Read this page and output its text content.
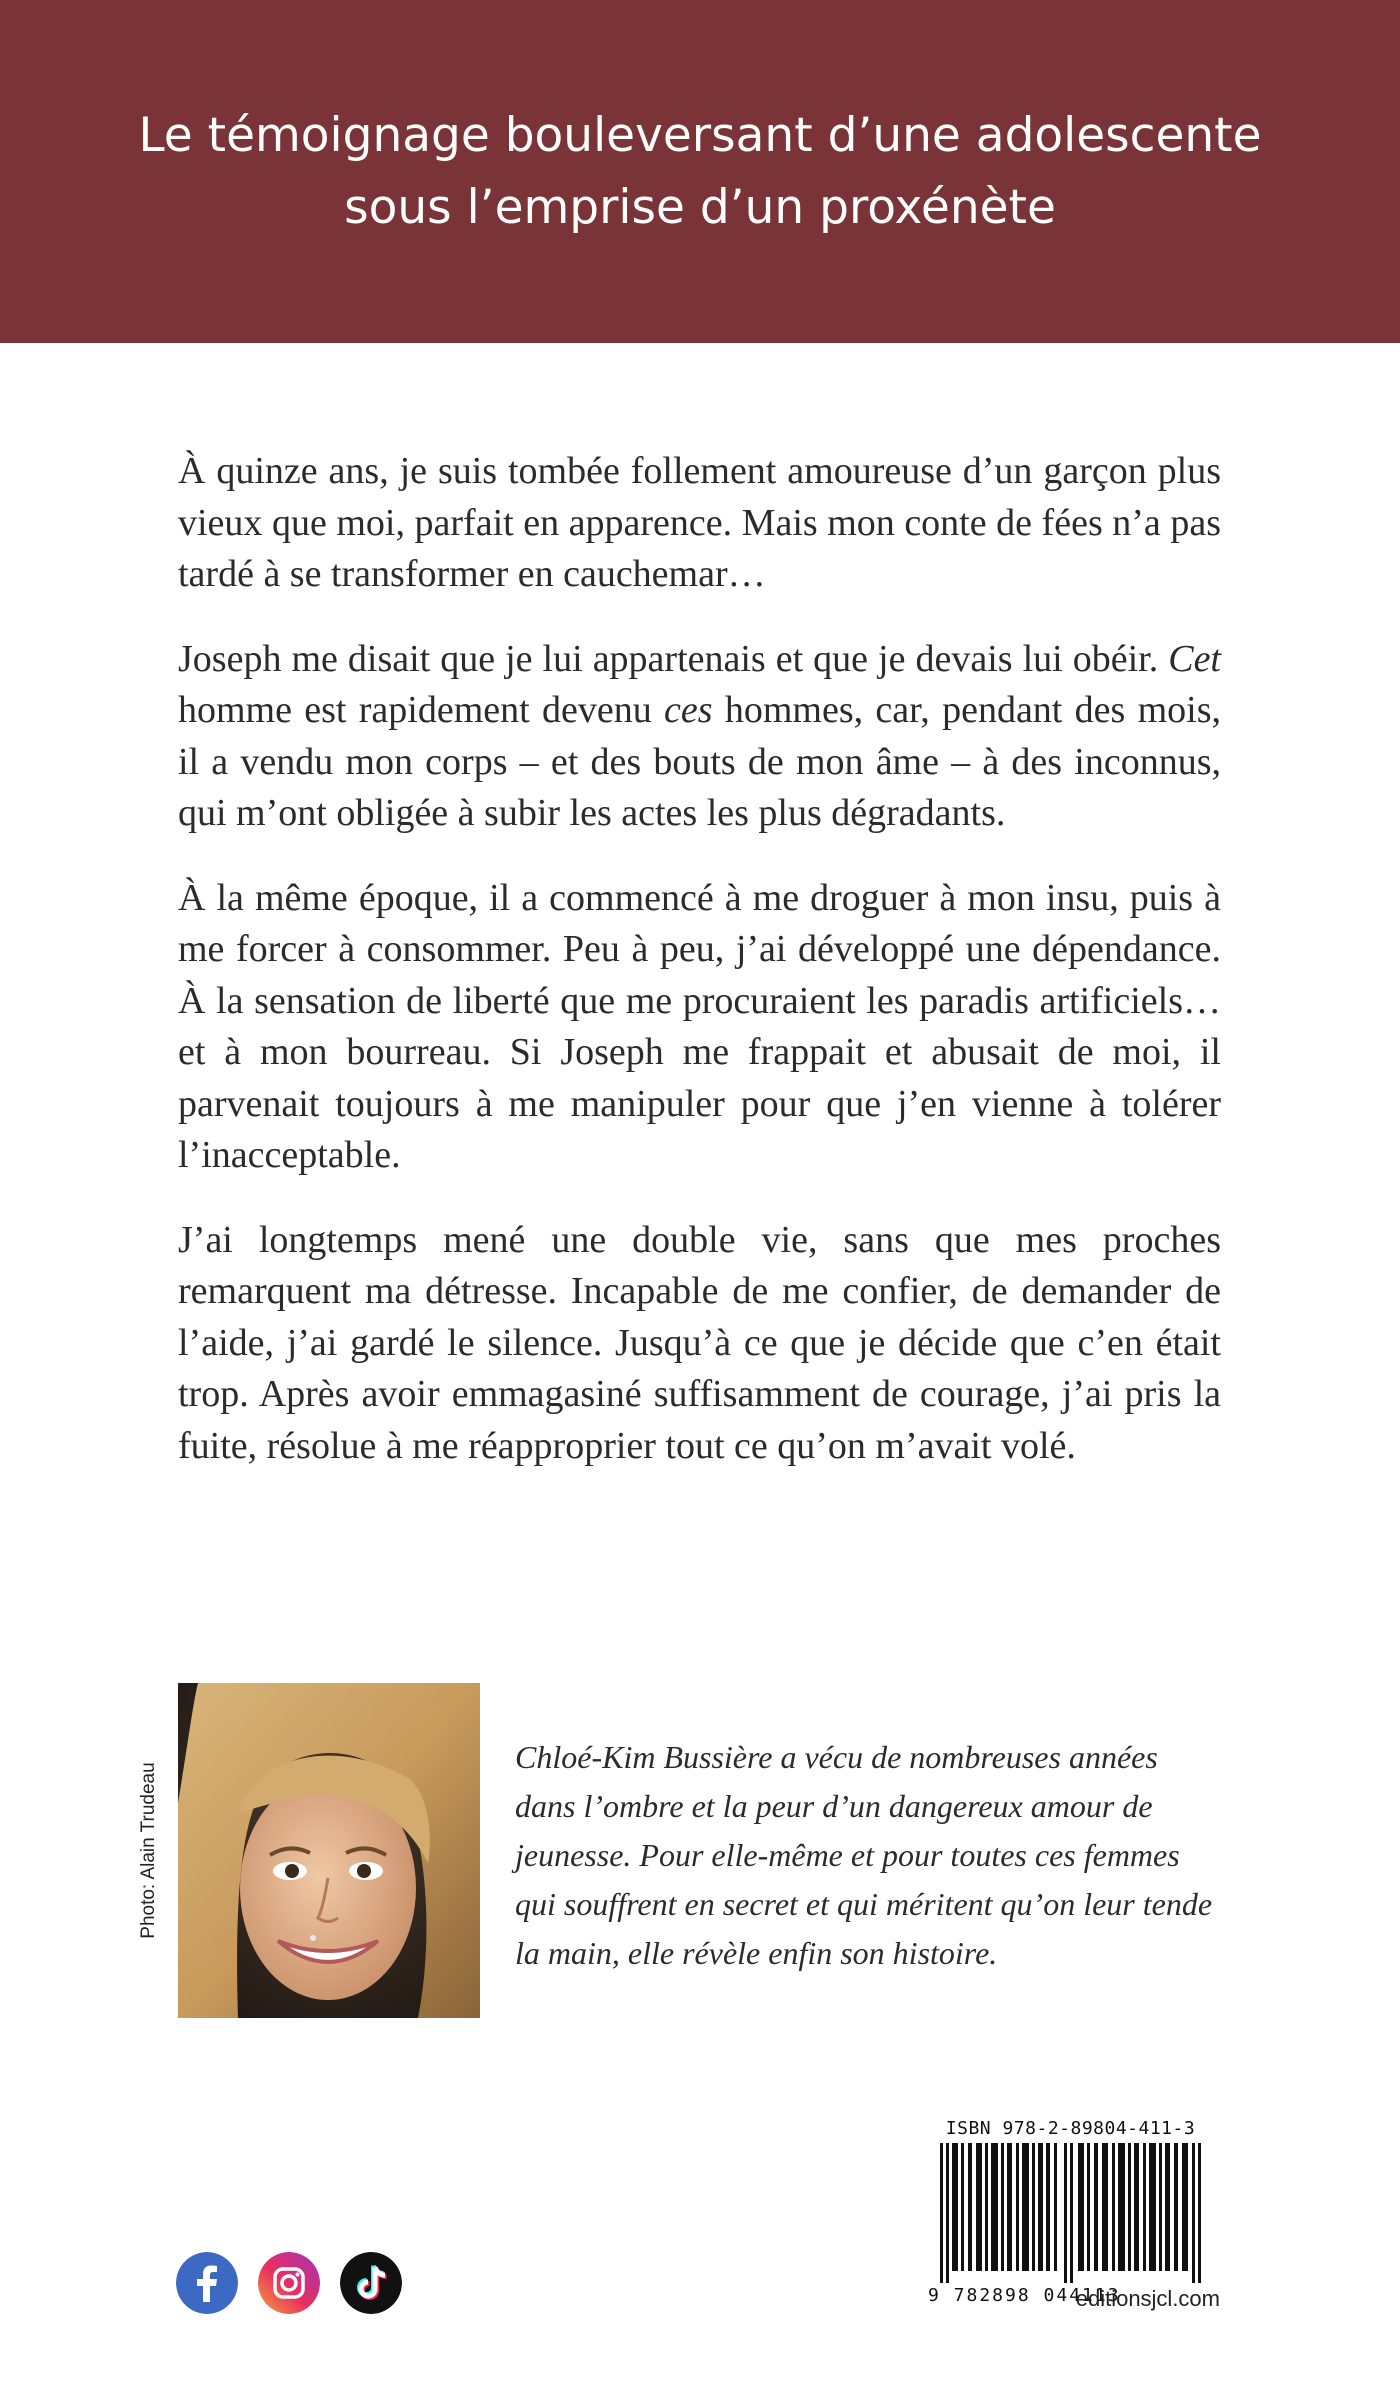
Le témoignage bouleversant d’une adolescente
sous l’emprise d’un proxénète

À quinze ans, je suis tombée follement amoureuse d’un garçon plus vieux que moi, parfait en apparence. Mais mon conte de fées n’a pas tardé à se transformer en cauchemar…

Joseph me disait que je lui appartenais et que je devais lui obéir. Cet homme est rapidement devenu ces hommes, car, pendant des mois, il a vendu mon corps – et des bouts de mon âme – à des inconnus, qui m’ont obligée à subir les actes les plus dégradants.

À la même époque, il a commencé à me droguer à mon insu, puis à me forcer à consommer. Peu à peu, j’ai développé une dépendance. À la sensation de liberté que me procuraient les paradis artificiels… et à mon bourreau. Si Joseph me frappait et abusait de moi, il parvenait toujours à me manipuler pour que j’en vienne à tolérer l’inacceptable.

J’ai longtemps mené une double vie, sans que mes proches remarquent ma détresse. Incapable de me confier, de demander de l’aide, j’ai gardé le silence. Jusqu’à ce que je décide que c’en était trop. Après avoir emmagasiné suffisamment de courage, j’ai pris la fuite, résolue à me réapproprier tout ce qu’on m’avait volé.

Photo: Alain Trudeau
Chloé-Kim Bussière a vécu de nombreuses années dans l’ombre et la peur d’un dangereux amour de jeunesse. Pour elle-même et pour toutes ces femmes qui souffrent en secret et qui méritent qu’on leur tende la main, elle révèle enfin son histoire.
ISBN 978-2-89804-411-3
9 782898 044113
editionsjcl.com
